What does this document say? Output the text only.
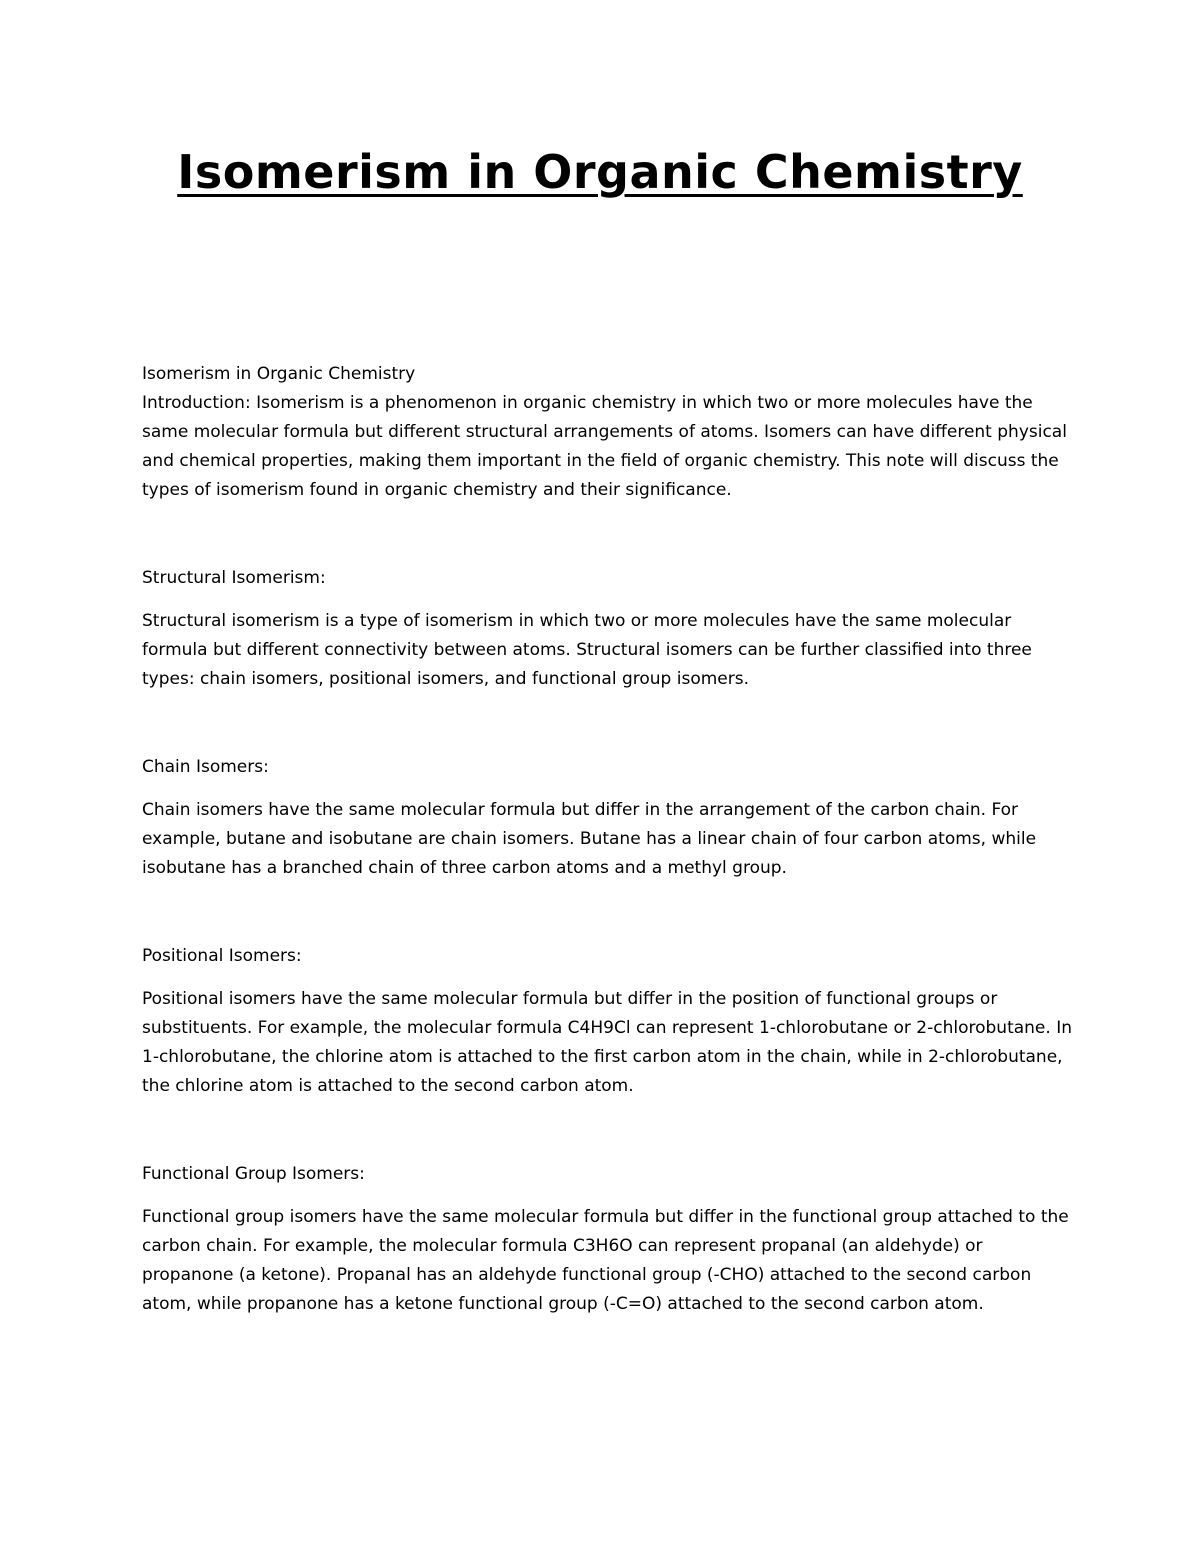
Isomerism in Organic Chemistry

Isomerism in Organic Chemistry

Introduction: Isomerism is a phenomenon in organic chemistry in which two or more molecules have the same molecular formula but different structural arrangements of atoms. Isomers can have different physical and chemical properties, making them important in the field of organic chemistry. This note will discuss the types of isomerism found in organic chemistry and their significance.

Structural Isomerism:

Structural isomerism is a type of isomerism in which two or more molecules have the same molecular formula but different connectivity between atoms. Structural isomers can be further classified into three types: chain isomers, positional isomers, and functional group isomers.

Chain Isomers:

Chain isomers have the same molecular formula but differ in the arrangement of the carbon chain. For example, butane and isobutane are chain isomers. Butane has a linear chain of four carbon atoms, while isobutane has a branched chain of three carbon atoms and a methyl group.

Positional Isomers:

Positional isomers have the same molecular formula but differ in the position of functional groups or substituents. For example, the molecular formula C4H9Cl can represent 1-chlorobutane or 2-chlorobutane. In 1-chlorobutane, the chlorine atom is attached to the first carbon atom in the chain, while in 2-chlorobutane, the chlorine atom is attached to the second carbon atom.

Functional Group Isomers:

Functional group isomers have the same molecular formula but differ in the functional group attached to the carbon chain. For example, the molecular formula C3H6O can represent propanal (an aldehyde) or propanone (a ketone). Propanal has an aldehyde functional group (-CHO) attached to the second carbon atom, while propanone has a ketone functional group (-C=O) attached to the second carbon atom.
